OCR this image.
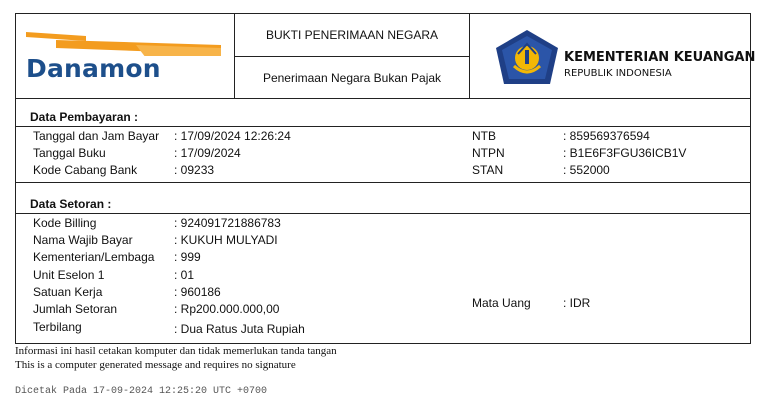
Danamon
BUKTI PENERIMAAN NEGARA
Penerimaan Negara Bukan Pajak
KEMENTERIAN KEUANGAN
REPUBLIK INDONESIA
Data Pembayaran :
Tanggal dan Jam Bayar : 17/09/2024 12:26:24
Tanggal Buku	: 17/09/2024
Kode Cabang Bank	: 09233
NTB	: 859569376594
NTPN	: B1E6F3FGU36ICB1V
STAN	: 552000
Data Setoran :
Kode Billing	: 924091721886783
Nama Wajib Bayar	: KUKUH MULYADI
Kementerian/Lembaga : 999
Unit Eselon 1	: 01
Satuan Kerja	: 960186
Jumlah Setoran	: Rp200.000.000,00
Terbilang	: Dua Ratus Juta Rupiah
Mata Uang	: IDR
Informasi ini hasil cetakan komputer dan tidak memerlukan tanda tangan
This is a computer generated message and requires no signature
Dicetak Pada 17-09-2024 12:25:20 UTC +0700
